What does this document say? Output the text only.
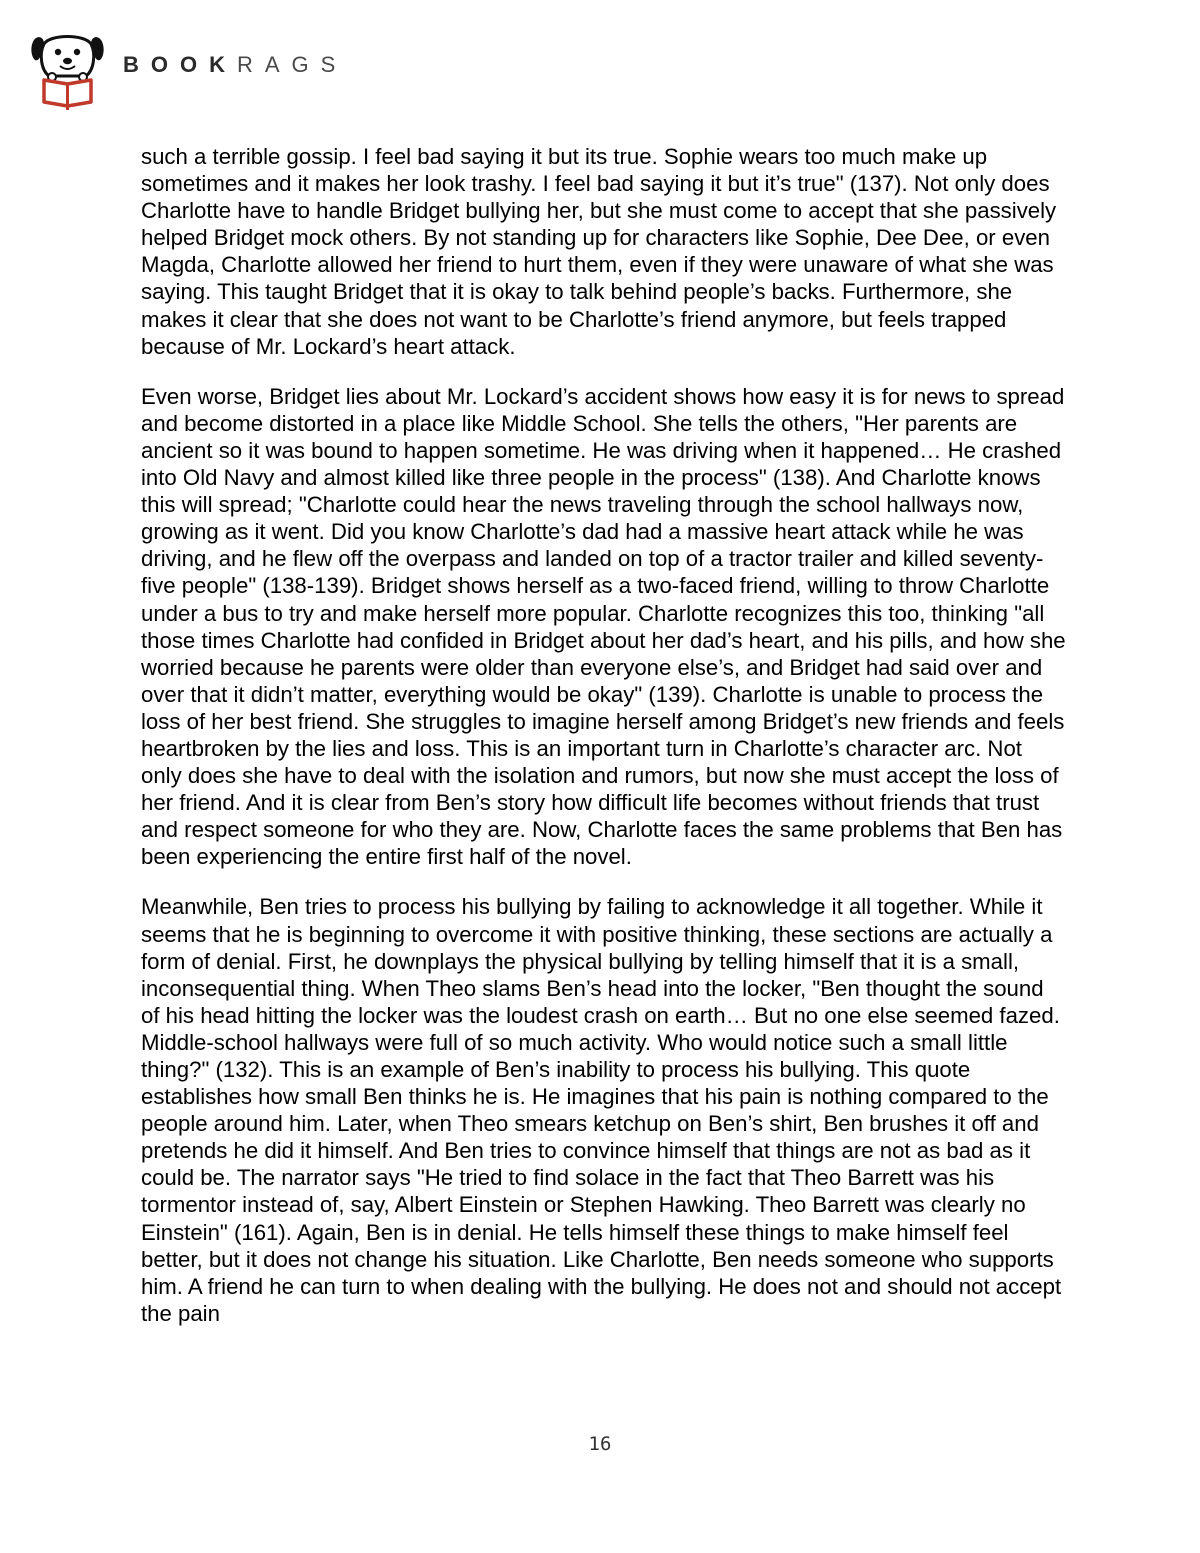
BOOKRAGS

such a terrible gossip. I feel bad saying it but its true. Sophie wears too much make up sometimes and it makes her look trashy. I feel bad saying it but it’s true" (137). Not only does Charlotte have to handle Bridget bullying her, but she must come to accept that she passively helped Bridget mock others. By not standing up for characters like Sophie, Dee Dee, or even Magda, Charlotte allowed her friend to hurt them, even if they were unaware of what she was saying. This taught Bridget that it is okay to talk behind people’s backs. Furthermore, she makes it clear that she does not want to be Charlotte’s friend anymore, but feels trapped because of Mr. Lockard’s heart attack.

Even worse, Bridget lies about Mr. Lockard’s accident shows how easy it is for news to spread and become distorted in a place like Middle School. She tells the others, "Her parents are ancient so it was bound to happen sometime. He was driving when it happened… He crashed into Old Navy and almost killed like three people in the process" (138). And Charlotte knows this will spread; "Charlotte could hear the news traveling through the school hallways now, growing as it went. Did you know Charlotte’s dad had a massive heart attack while he was driving, and he flew off the overpass and landed on top of a tractor trailer and killed seventy-five people" (138-139). Bridget shows herself as a two-faced friend, willing to throw Charlotte under a bus to try and make herself more popular. Charlotte recognizes this too, thinking "all those times Charlotte had confided in Bridget about her dad’s heart, and his pills, and how she worried because he parents were older than everyone else’s, and Bridget had said over and over that it didn’t matter, everything would be okay" (139). Charlotte is unable to process the loss of her best friend. She struggles to imagine herself among Bridget’s new friends and feels heartbroken by the lies and loss. This is an important turn in Charlotte’s character arc. Not only does she have to deal with the isolation and rumors, but now she must accept the loss of her friend. And it is clear from Ben’s story how difficult life becomes without friends that trust and respect someone for who they are. Now, Charlotte faces the same problems that Ben has been experiencing the entire first half of the novel.

Meanwhile, Ben tries to process his bullying by failing to acknowledge it all together. While it seems that he is beginning to overcome it with positive thinking, these sections are actually a form of denial. First, he downplays the physical bullying by telling himself that it is a small, inconsequential thing. When Theo slams Ben’s head into the locker, "Ben thought the sound of his head hitting the locker was the loudest crash on earth… But no one else seemed fazed. Middle-school hallways were full of so much activity. Who would notice such a small little thing?" (132). This is an example of Ben’s inability to process his bullying. This quote establishes how small Ben thinks he is. He imagines that his pain is nothing compared to the people around him. Later, when Theo smears ketchup on Ben’s shirt, Ben brushes it off and pretends he did it himself. And Ben tries to convince himself that things are not as bad as it could be. The narrator says "He tried to find solace in the fact that Theo Barrett was his tormentor instead of, say, Albert Einstein or Stephen Hawking. Theo Barrett was clearly no Einstein" (161). Again, Ben is in denial. He tells himself these things to make himself feel better, but it does not change his situation. Like Charlotte, Ben needs someone who supports him. A friend he can turn to when dealing with the bullying. He does not and should not accept the pain

16
